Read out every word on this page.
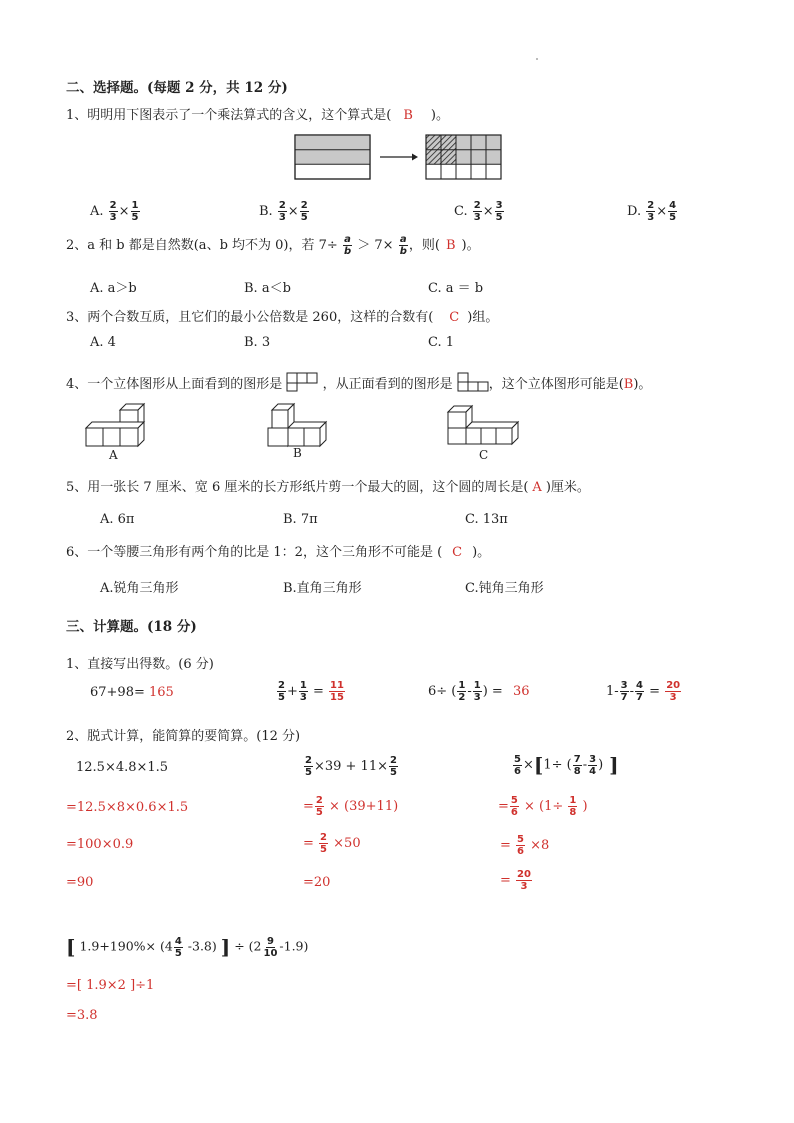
二、选择题。(每题 2 分，共 12 分)
1、明明用下图表示了一个乘法算式的含义，这个算式是( B )。
A. $\frac{2}{3} \times \frac{1}{5}$	B. $\frac{2}{3} \times \frac{2}{5}$	C. $\frac{2}{3} \times \frac{3}{5}$	D. $\frac{2}{3} \times \frac{4}{5}$
2、a 和 b 都是自然数(a、b 均不为 0)，若 $7\div \frac{a}{b} > 7\times \frac{a}{b}$ ，则( B )。
A. a＞b	B. a＜b	C. a ＝ b
3、两个合数互质，且它们的最小公倍数是 260，这样的合数有( C )组。
A. 4	B. 3	C. 1
4、一个立体图形从上面看到的图形是	，从正面看到的图形是	，这个立体图形可能是(B)。
A	B	C
5、用一张长 7 厘米、宽 6 厘米的长方形纸片剪一个最大的圆，这个圆的周长是( A )厘米。
A. 6π	B. 7π	C. 13π
6、一个等腰三角形有两个角的比是 1：2，这个三角形不可能是 ( C )。
A.锐角三角形	B.直角三角形	C.钝角三角形
三、计算题。(18 分)
1、直接写出得数。(6 分)
67+98= 165	$\frac{2}{5} + \frac{1}{3} = \frac{11}{15}$	6÷ ( $\frac{1}{2} - \frac{1}{3}$ ) = 36	$1- \frac{3}{7} - \frac{4}{7} = \frac{20}{3}$
2、脱式计算，能简算的要简算。(12 分)
12.5×4.8×1.5
=12.5×8×0.6×1.5
=100×0.9
=90
$\frac{2}{5} \times 39 + 11\times \frac{2}{5}$
= $\frac{2}{5} \times (39+11)$
= $\frac{2}{5} \times 50$
=20
$\frac{5}{6} \times[1\div$ ( $\frac{7}{8} - \frac{3}{4}$ ) ]
= $\frac{5}{6} \times (1\div \frac{1}{8}$ )
= $\frac{5}{6} \times 8$
= $\frac{20}{3}$
[ $1.9+190\%\times (4 \frac{4}{5} -3.8)$ ] ÷ $(2 \frac{9}{10} -1.9)$
=[ 1.9×2 ]÷1
=3.8
